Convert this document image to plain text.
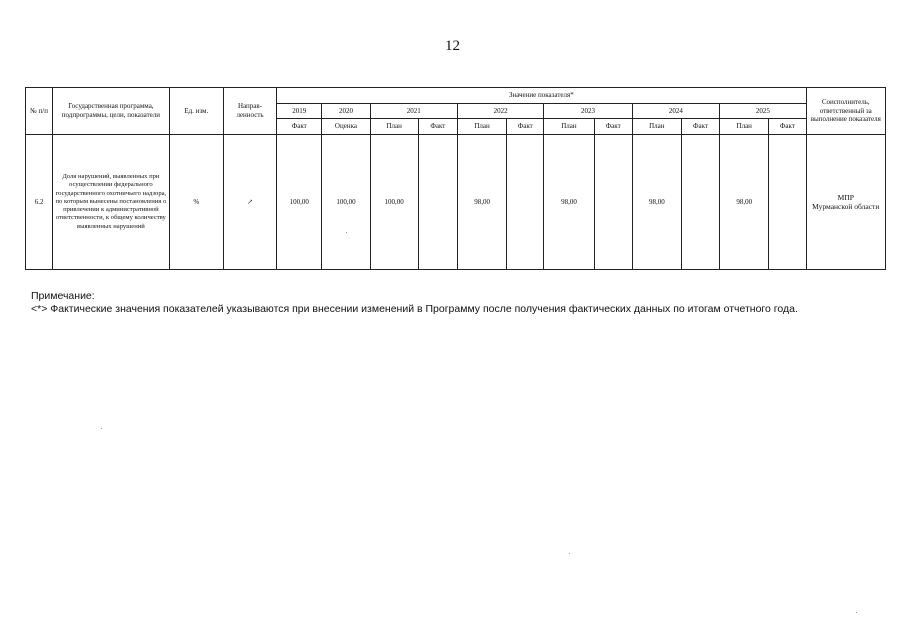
12
№ п/п	Государственная программа, подпрограммы, цели, показатели	Ед. изм.	Направ-ленность	Значение показателя*												Соисполнитель, ответственный за выполнение показателя
				2019	2020	2021		2022		2023		2024		2025		
				Факт	Оценка	План	Факт	План	Факт	План	Факт	План	Факт	План	Факт	
6.2	Доля нарушений, выявленных при осуществлении федерального государственного охотничьего надзора, по которым вынесены постановления о привлечении к административной ответственности, к общему количеству выявленных нарушений	%	↗	100,00	100,00	100,00		98,00		98,00		98,00		98,00		МПР
Мурманской области
Примечание:
<*> Фактические значения показателей указываются при внесении изменений в Программу после получения фактических данных по итогам отчетного года.
